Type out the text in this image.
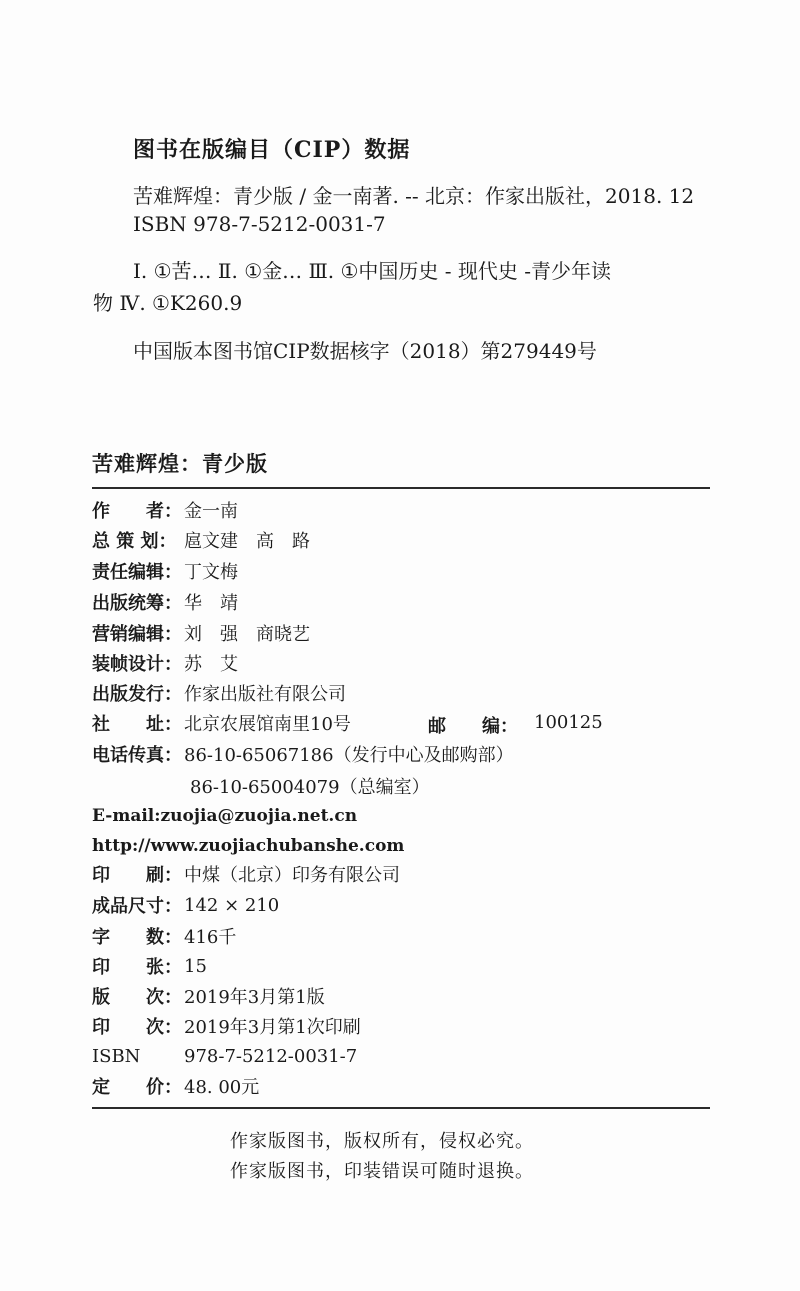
图书在版编目（CIP）数据
苦难辉煌：青少版 / 金一南著. -- 北京：作家出版社，2018. 12
ISBN 978-7-5212-0031-7
Ⅰ. ①苦… Ⅱ. ①金… Ⅲ. ①中国历史 - 现代史 -青少年读
物 Ⅳ. ①K260.9
中国版本图书馆CIP数据核字（2018）第279449号
苦难辉煌：青少版
作　　者： 金一南
总 策 划： 扈文建　高　路
责任编辑： 丁文梅
出版统筹： 华　靖
营销编辑： 刘　强　商晓艺
装帧设计： 苏　艾
出版发行： 作家出版社有限公司
社　　址： 北京农展馆南里10号	邮　　编： 100125
电话传真： 86-10-65067186（发行中心及邮购部）
86-10-65004079（总编室）
E-mail:zuojia@zuojia.net.cn
http://www.zuojiachubanshe.com
印　　刷： 中煤（北京）印务有限公司
成品尺寸： 142 × 210
字　　数： 416千
印　　张： 15
版　　次： 2019年3月第1版
印　　次： 2019年3月第1次印刷
ISBN	978-7-5212-0031-7
定　　价： 48. 00元
作家版图书，版权所有，侵权必究。
作家版图书，印装错误可随时退换。
